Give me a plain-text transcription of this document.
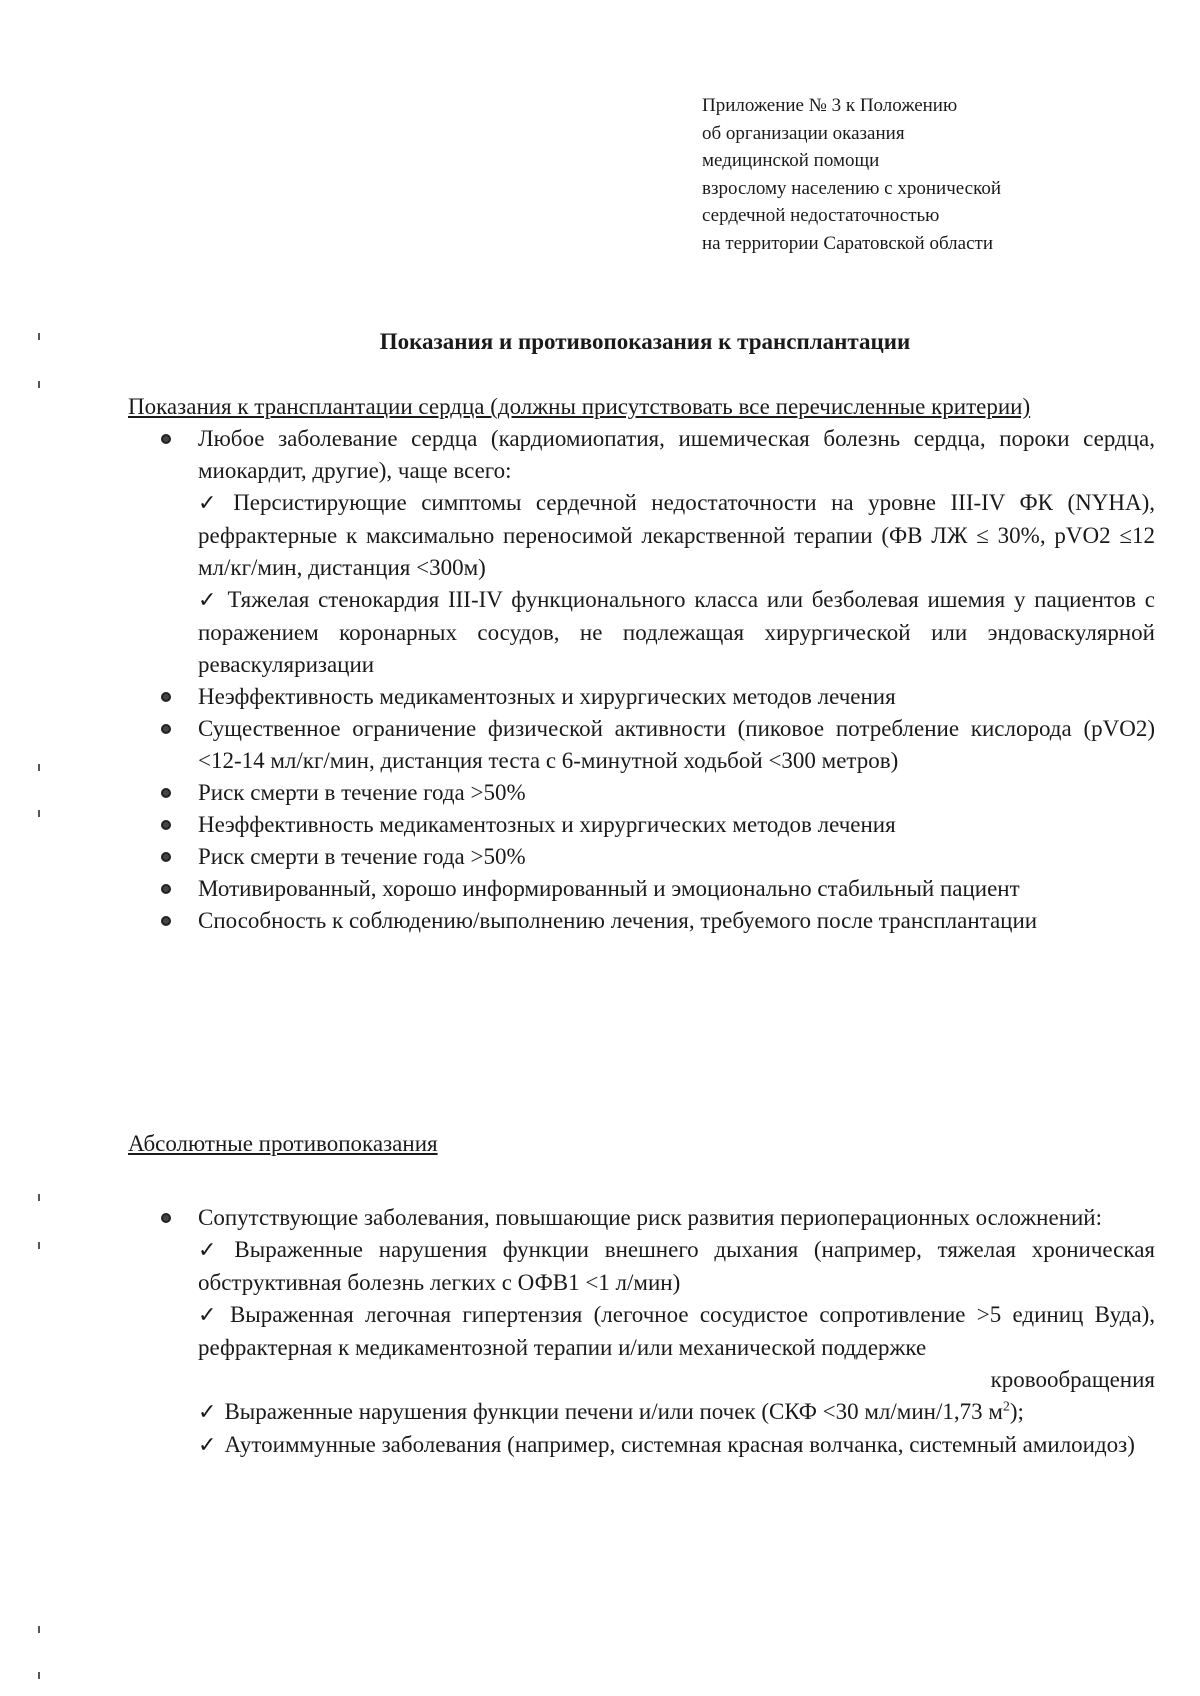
Приложение № 3 к Положению
об организации оказания
медицинской помощи
взрослому населению с хронической
сердечной недостаточностью
на территории Саратовской области
Показания и противопоказания к трансплантации
Показания к трансплантации сердца (должны присутствовать все перечисленные критерии)
Любое заболевание сердца (кардиомиопатия, ишемическая болезнь сердца, пороки сердца, миокардит, другие), чаще всего:
✓ Персистирующие симптомы сердечной недостаточности на уровне III-IV ФК (NYHA), рефрактерные к максимально переносимой лекарственной терапии (ФВ ЛЖ ≤ 30%, pVO2 ≤12 мл/кг/мин, дистанция <300м)
✓ Тяжелая стенокардия III-IV функционального класса или безболевая ишемия у пациентов с поражением коронарных сосудов, не подлежащая хирургической или эндоваскулярной реваскуляризации
Неэффективность медикаментозных и хирургических методов лечения
Существенное ограничение физической активности (пиковое потребление кислорода (pVO2) <12-14 мл/кг/мин, дистанция теста с 6-минутной ходьбой <300 метров)
Риск смерти в течение года >50%
Неэффективность медикаментозных и хирургических методов лечения
Риск смерти в течение года >50%
Мотивированный, хорошо информированный и эмоционально стабильный пациент
Способность к соблюдению/выполнению лечения, требуемого после трансплантации
Абсолютные противопоказания
Сопутствующие заболевания, повышающие риск развития периоперационных осложнений:
✓ Выраженные нарушения функции внешнего дыхания (например, тяжелая хроническая обструктивная болезнь легких с ОФВ1 <1 л/мин)
✓ Выраженная легочная гипертензия (легочное сосудистое сопротивление >5 единиц Вуда), рефрактерная к медикаментозной терапии и/или механической поддержке
кровообращения
✓ Выраженные нарушения функции печени и/или почек (СКФ <30 мл/мин/1,73 $м^2$);
✓ Аутоиммунные заболевания (например, системная красная волчанка, системный амилоидоз)
